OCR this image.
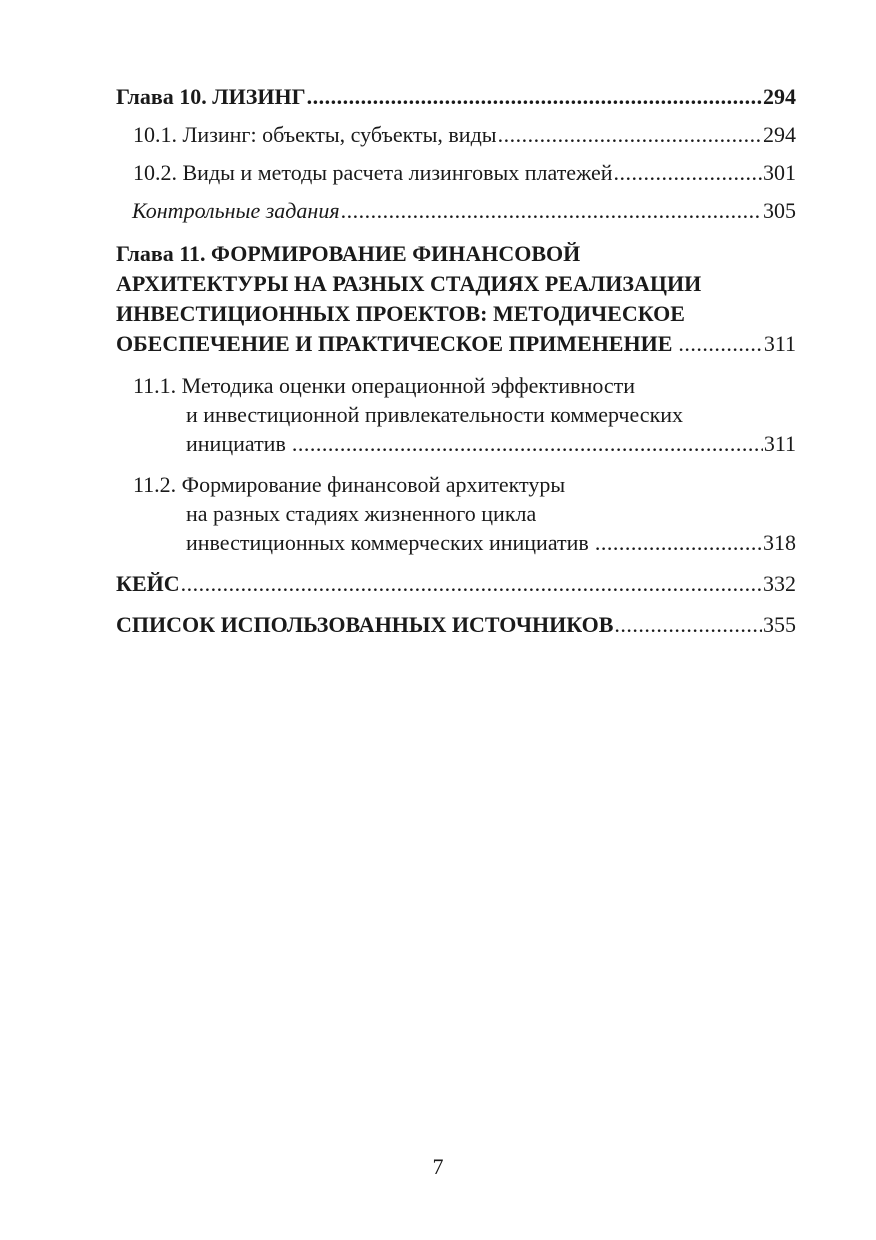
Глава 10. ЛИЗИНГ .....	294
10.1. Лизинг: объекты, субъекты, виды .....	294
10.2. Виды и методы расчета лизинговых платежей .....	301
Контрольные задания .....	305
Глава 11. ФОРМИРОВАНИЕ ФИНАНСОВОЙ
АРХИТЕКТУРЫ НА РАЗНЫХ СТАДИЯХ РЕАЛИЗАЦИИ
ИНВЕСТИЦИОННЫХ ПРОЕКТОВ: МЕТОДИЧЕСКОЕ
ОБЕСПЕЧЕНИЕ И ПРАКТИЧЕСКОЕ ПРИМЕНЕНИЕ .....	311
11.1. Методика оценки операционной эффективности
и инвестиционной привлекательности коммерческих
инициатив .....	311
11.2. Формирование финансовой архитектуры
на разных стадиях жизненного цикла
инвестиционных коммерческих инициатив .....	318
КЕЙС .....	332
СПИСОК ИСПОЛЬЗОВАННЫХ ИСТОЧНИКОВ .....	355
7
